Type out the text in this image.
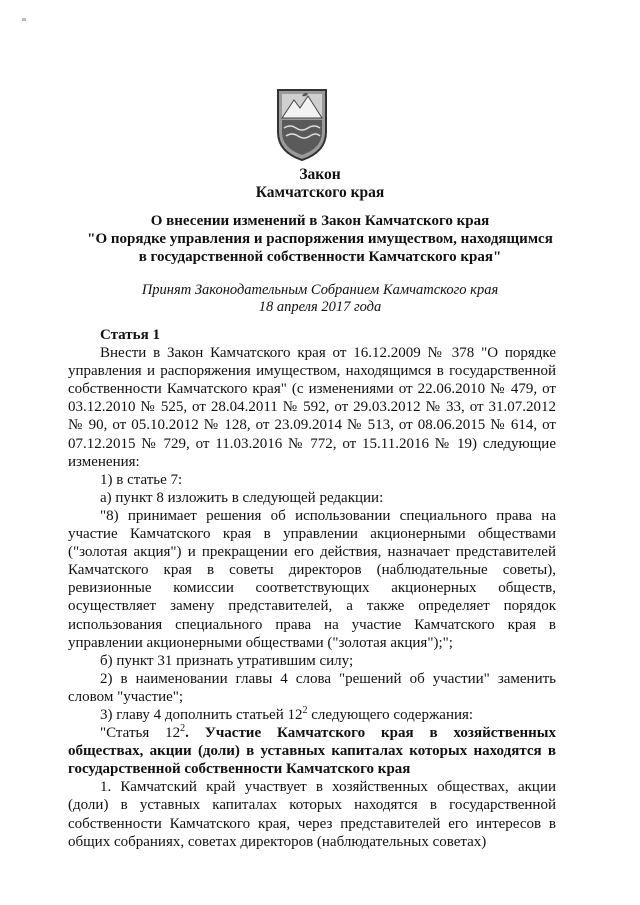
Закон
Камчатского края
О внесении изменений в Закон Камчатского края
"О порядке управления и распоряжения имуществом, находящимся
в государственной собственности Камчатского края"
Принят Законодательным Собранием Камчатского края
18 апреля 2017 года

Статья 1

Внести в Закон Камчатского края от 16.12.2009 № 378 "О порядке управления и распоряжения имуществом, находящимся в государственной собственности Камчатского края" (с изменениями от 22.06.2010 № 479, от 03.12.2010 № 525, от 28.04.2011 № 592, от 29.03.2012 № 33, от 31.07.2012 № 90, от 05.10.2012 № 128, от 23.09.2014 № 513, от 08.06.2015 № 614, от 07.12.2015 № 729, от 11.03.2016 № 772, от 15.11.2016 № 19) следующие изменения:

1) в статье 7:

а) пункт 8 изложить в следующей редакции:

"8) принимает решения об использовании специального права на участие Камчатского края в управлении акционерными обществами ("золотая акция") и прекращении его действия, назначает представителей Камчатского края в советы директоров (наблюдательные советы), ревизионные комиссии соответствующих акционерных обществ, осуществляет замену представителей, а также определяет порядок использования специального права на участие Камчатского края в управлении акционерными обществами ("золотая акция");";

б) пункт 31 признать утратившим силу;

2) в наименовании главы 4 слова "решений об участии" заменить словом "участие";

3) главу 4 дополнить статьей $12^2$ следующего содержания:

"Статья $12^2$. Участие Камчатского края в хозяйственных обществах, акции (доли) в уставных капиталах которых находятся в государственной собственности Камчатского края

1. Камчатский край участвует в хозяйственных обществах, акции (доли) в уставных капиталах которых находятся в государственной собственности Камчатского края, через представителей его интересов в общих собраниях, советах директоров (наблюдательных советах)
